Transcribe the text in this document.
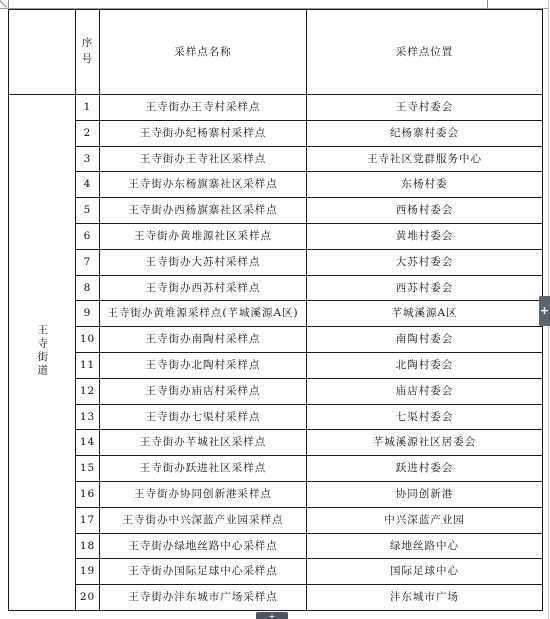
	序号	采样点名称	采样点位置
王寺街道	1	王寺街办王寺村采样点	王寺村委会
	2	王寺街办纪杨寨村采样点	纪杨寨村委会
	3	王寺街办王寺社区采样点	王寺社区党群服务中心
	4	王寺街办东杨旗寨社区采样点	东杨村委
	5	王寺街办西杨旗寨社区采样点	西杨村委会
	6	王寺街办黄堆源社区采样点	黄堆村委会
	7	王寺街办大苏村采样点	大苏村委会
	8	王寺街办西苏村采样点	西苏村委会
	9	王寺街办黄堆源采样点(芊城溪源A区)	芊城溪源A区
	10	王寺街办南陶村采样点	南陶村委会
	11	王寺街办北陶村采样点	北陶村委会
	12	王寺街办庙店村采样点	庙店村委会
	13	王寺街办七渠村采样点	七渠村委会
	14	王寺街办芊城社区采样点	芊城溪源社区居委会
	15	王寺街办跃进社区采样点	跃进村委会
	16	王寺街办协同创新港采样点	协同创新港
	17	王寺街办中兴深蓝产业园采样点	中兴深蓝产业园
	18	王寺街办绿地丝路中心采样点	绿地丝路中心
	19	王寺街办国际足球中心采样点	国际足球中心
	20	王寺街办沣东城市广场采样点	沣东城市广场
+
+
